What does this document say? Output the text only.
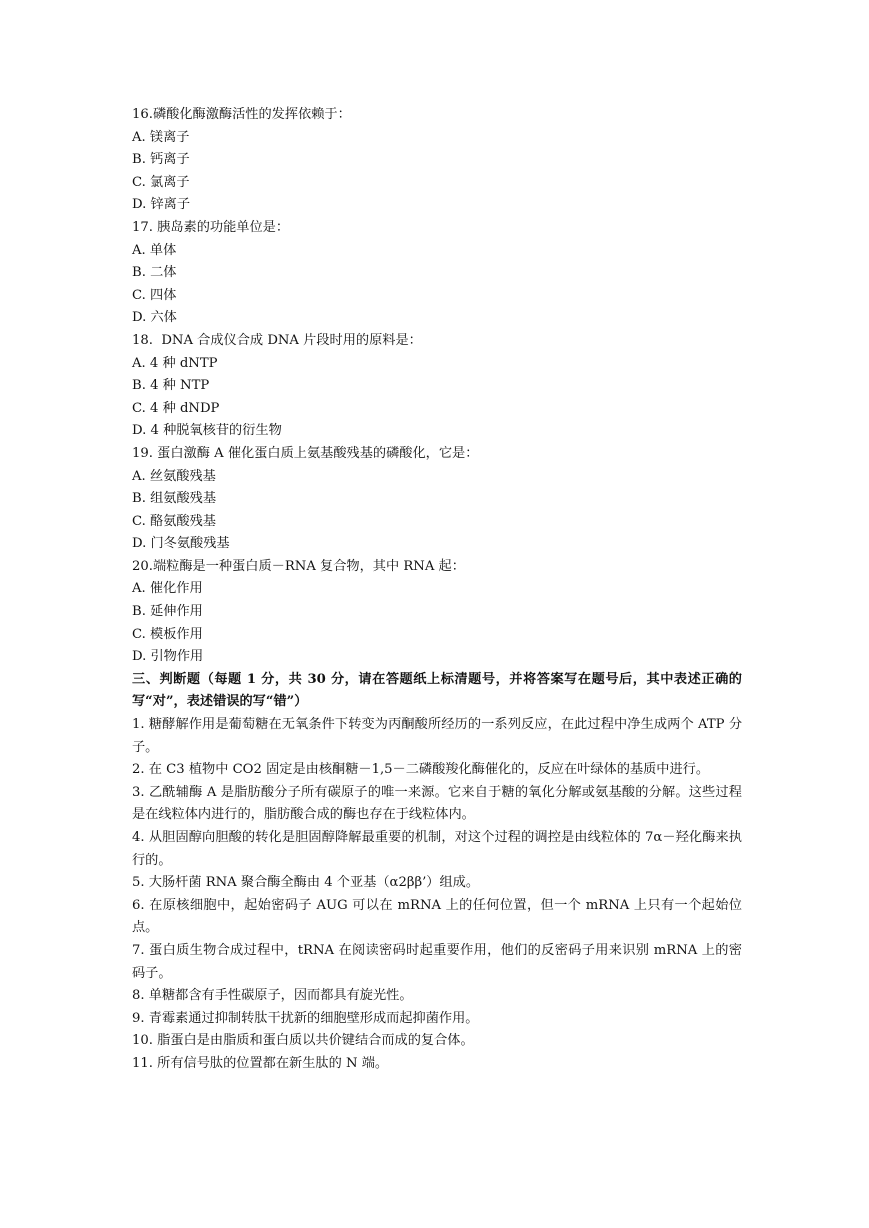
16.磷酸化酶激酶活性的发挥依赖于：
A. 镁离子
B. 钙离子
C. 氯离子
D. 锌离子
17. 胰岛素的功能单位是：
A. 单体
B. 二体
C. 四体
D. 六体
18.  DNA 合成仪合成 DNA 片段时用的原料是：
A. 4 种 dNTP
B. 4 种 NTP
C. 4 种 dNDP
D. 4 种脱氧核苷的衍生物
19. 蛋白激酶 A 催化蛋白质上氨基酸残基的磷酸化，它是：
A. 丝氨酸残基
B. 组氨酸残基
C. 酪氨酸残基
D. 门冬氨酸残基
20.端粒酶是一种蛋白质－RNA 复合物，其中 RNA 起：
A. 催化作用
B. 延伸作用
C. 模板作用
D. 引物作用
三、判断题（每题 1 分，共 30 分，请在答题纸上标清题号，并将答案写在题号后，其中表述正确的写“对”，表述错误的写“错”）
1. 糖酵解作用是葡萄糖在无氧条件下转变为丙酮酸所经历的一系列反应，在此过程中净生成两个 ATP 分子。
2. 在 C3 植物中 CO2 固定是由核酮糖－1,5－二磷酸羧化酶催化的，反应在叶绿体的基质中进行。
3. 乙酰辅酶 A 是脂肪酸分子所有碳原子的唯一来源。它来自于糖的氧化分解或氨基酸的分解。这些过程是在线粒体内进行的，脂肪酸合成的酶也存在于线粒体内。
4. 从胆固醇向胆酸的转化是胆固醇降解最重要的机制，对这个过程的调控是由线粒体的 7α－羟化酶来执行的。
5. 大肠杆菌 RNA 聚合酶全酶由 4 个亚基（α2ββ’）组成。
6. 在原核细胞中，起始密码子 AUG 可以在 mRNA 上的任何位置，但一个 mRNA 上只有一个起始位点。
7. 蛋白质生物合成过程中，tRNA 在阅读密码时起重要作用，他们的反密码子用来识别 mRNA 上的密码子。
8. 单糖都含有手性碳原子，因而都具有旋光性。
9. 青霉素通过抑制转肽干扰新的细胞壁形成而起抑菌作用。
10. 脂蛋白是由脂质和蛋白质以共价键结合而成的复合体。
11. 所有信号肽的位置都在新生肽的 N 端。
